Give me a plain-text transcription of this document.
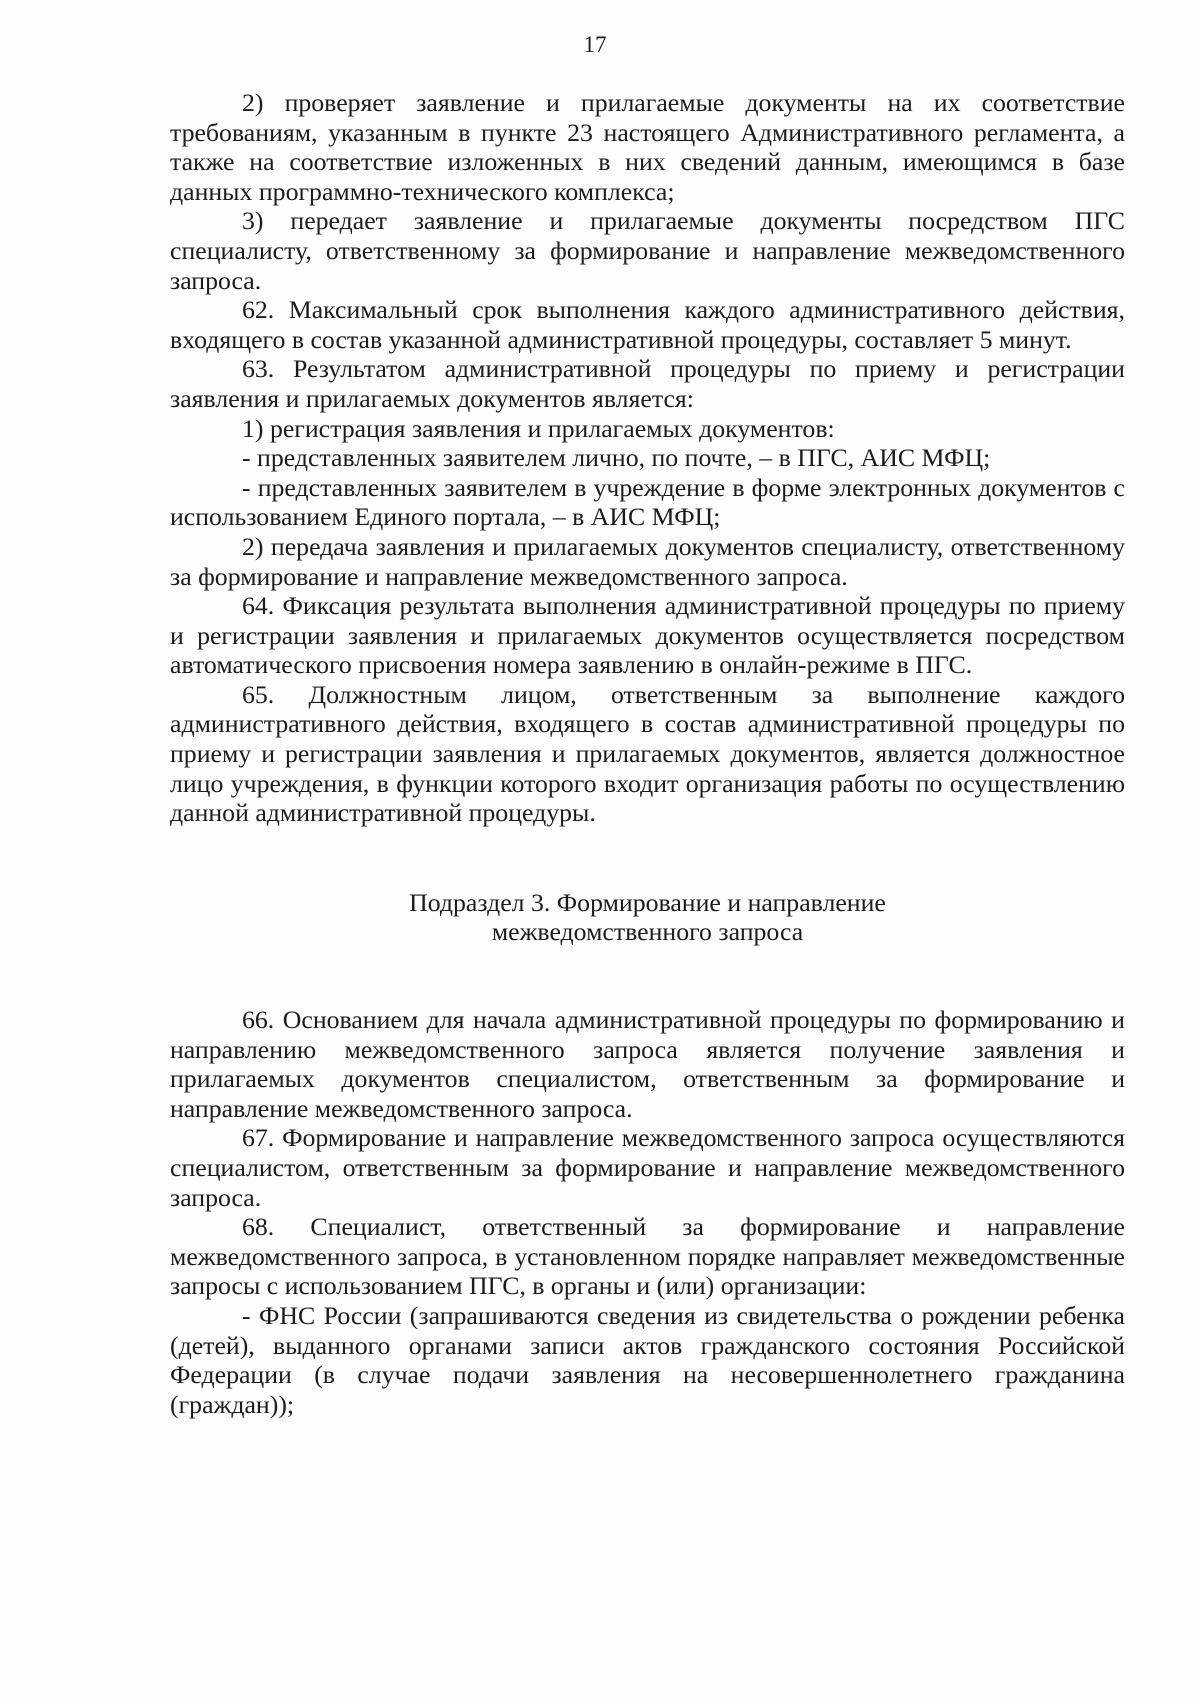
17

2) проверяет заявление и прилагаемые документы на их соответствие требованиям, указанным в пункте 23 настоящего Административного регламента, а также на соответствие изложенных в них сведений данным, имеющимся в базе данных программно-технического комплекса;

3) передает заявление и прилагаемые документы посредством ПГС специалисту, ответственному за формирование и направление межведомственного запроса.

62. Максимальный срок выполнения каждого административного действия, входящего в состав указанной административной процедуры, составляет 5 минут.

63. Результатом административной процедуры по приему и регистрации заявления и прилагаемых документов является:

1) регистрация заявления и прилагаемых документов:

- представленных заявителем лично, по почте, – в ПГС, АИС МФЦ;

- представленных заявителем в учреждение в форме электронных документов с использованием Единого портала, – в АИС МФЦ;

2) передача заявления и прилагаемых документов специалисту, ответственному за формирование и направление межведомственного запроса.

64. Фиксация результата выполнения административной процедуры по приему и регистрации заявления и прилагаемых документов осуществляется посредством автоматического присвоения номера заявлению в онлайн-режиме в ПГС.

65. Должностным лицом, ответственным за выполнение каждого административного действия, входящего в состав административной процедуры по приему и регистрации заявления и прилагаемых документов, является должностное лицо учреждения, в функции которого входит организация работы по осуществлению данной административной процедуры.

Подраздел 3. Формирование и направление
межведомственного запроса

66. Основанием для начала административной процедуры по формированию и направлению межведомственного запроса является получение заявления и прилагаемых документов специалистом, ответственным за формирование и направление межведомственного запроса.

67. Формирование и направление межведомственного запроса осуществляются специалистом, ответственным за формирование и направление межведомственного запроса.

68. Специалист, ответственный за формирование и направление межведомственного запроса, в установленном порядке направляет межведомственные запросы с использованием ПГС, в органы и (или) организации:

- ФНС России (запрашиваются сведения из свидетельства о рождении ребенка (детей), выданного органами записи актов гражданского состояния Российской Федерации (в случае подачи заявления на несовершеннолетнего гражданина (граждан));
